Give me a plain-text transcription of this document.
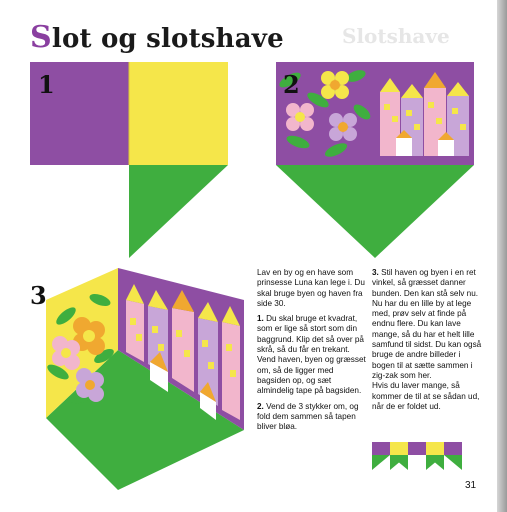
Slot og slotshave	Slotshave
1	2
3

Lav en by og en have som prinsesse Luna kan lege i. Du skal bruge byen og haven fra side 30.

1. Du skal bruge et kvadrat, som er lige så stort som din baggrund. Klip det så over på skrå, så du får en trekant. Vend haven, byen og græsset om, så de ligger med bagsiden op, og sæt almindelig tape på bagsiden.

2. Vend de 3 stykker om, og fold dem sammen så tapen bliver bløa.

3. Stil haven og byen i en ret vinkel, så græsset danner bunden. Den kan stå selv nu. Nu har du en lille by at lege med, prøv selv at finde på endnu flere. Du kan lave mange, så du har et helt lille samfund til sidst. Du kan også bruge de andre billeder i bogen til at sætte sammen i zig-zak som her.

Hvis du laver mange, så kommer de til at se sådan ud, når de er foldet ud.

31
